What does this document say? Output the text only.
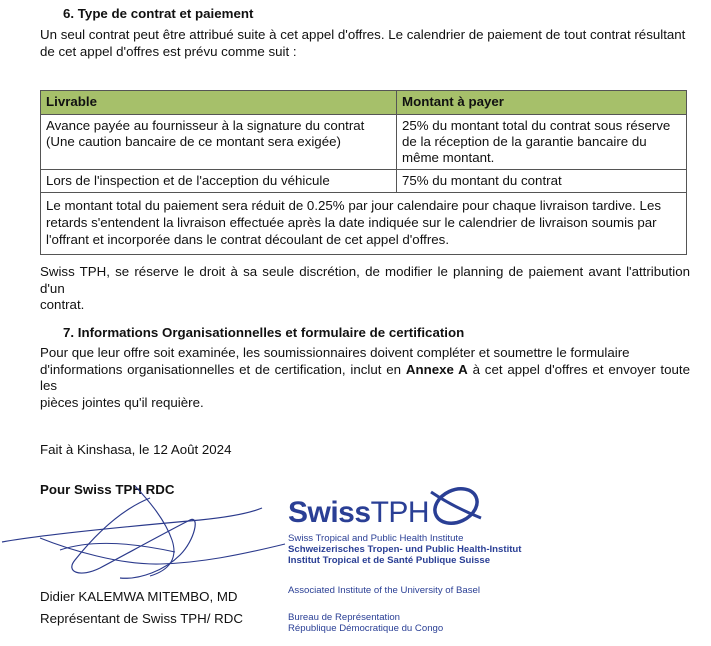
6. Type de contrat et paiement
Un seul contrat peut être attribué suite à cet appel d'offres. Le calendrier de paiement de tout contrat résultant
de cet appel d'offres est prévu comme suit :
Livrable	Montant à payer
Avance payée au fournisseur à la signature du contrat (Une caution bancaire de ce montant sera exigée)	25% du montant total du contrat sous réserve de la réception de la garantie bancaire du même montant.
Lors de l'inspection et de l'acception du véhicule	75% du montant du contrat
Le montant total du paiement sera réduit de 0.25% par jour calendaire pour chaque livraison tardive. Les retards s'entendent la livraison effectuée après la date indiquée sur le calendrier de livraison soumis par l'offrant et incorporée dans le contrat découlant de cet appel d'offres.	
Swiss TPH, se réserve le droit à sa seule discrétion, de modifier le planning de paiement avant l'attribution d'un
contrat.
7. Informations Organisationnelles et formulaire de certification
Pour que leur offre soit examinée, les soumissionnaires doivent compléter et soumettre le formulaire
d'informations organisationnelles et de certification, inclut en Annexe A à cet appel d'offres et envoyer toute les
pièces jointes qu'il requière.
Fait à Kinshasa, le 12 Août 2024
Pour Swiss TPH RDC
Didier KALEMWA MITEMBO, MD
Représentant de Swiss TPH/ RDC
SwissTPH
Swiss Tropical and Public Health Institute
Schweizerisches Tropen- und Public Health-Institut
Institut Tropical et de Santé Publique Suisse
Associated Institute of the University of Basel
Bureau de Représentation
République Démocratique du Congo
